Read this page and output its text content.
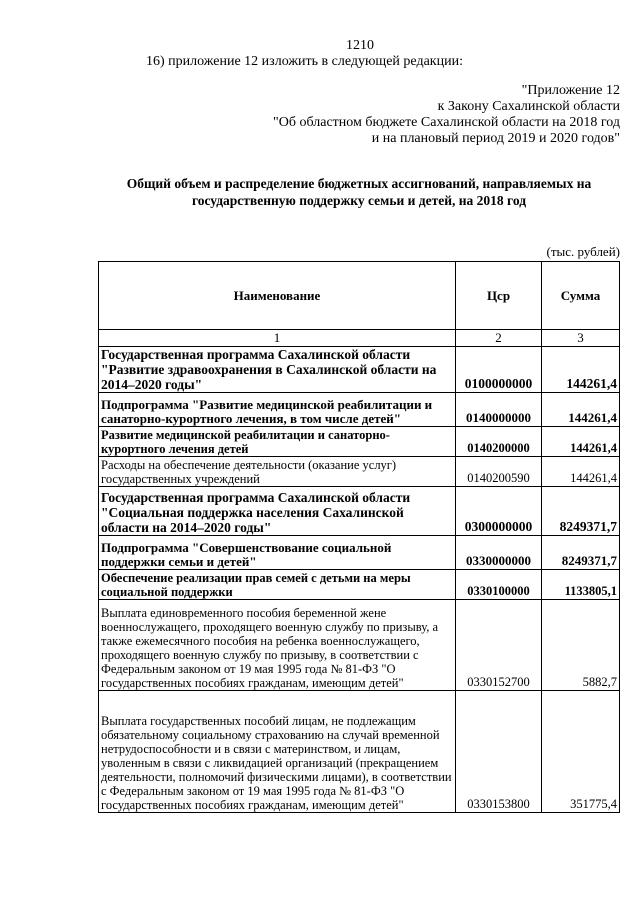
1210
16) приложение 12 изложить в следующей редакции:
"Приложение 12
к Закону Сахалинской области
"Об областном бюджете Сахалинской области на 2018 год
и на плановый период 2019 и 2020 годов"
Общий объем и распределение бюджетных ассигнований, направляемых на
государственную поддержку семьи и детей, на 2018 год
(тыс. рублей)
Наименование	Цср	Сумма
1	2	3
Государственная программа Сахалинской области "Развитие здравоохранения в Сахалинской области на 2014–2020 годы"	0100000000	144261,4
Подпрограмма "Развитие медицинской реабилитации и санаторно-курортного лечения, в том числе детей"	0140000000	144261,4
Развитие медицинской реабилитации и санаторно-курортного лечения детей	0140200000	144261,4
Расходы на обеспечение деятельности (оказание услуг) государственных учреждений	0140200590	144261,4
Государственная программа Сахалинской области "Социальная поддержка населения Сахалинской области на 2014–2020 годы"	0300000000	8249371,7
Подпрограмма "Совершенствование социальной поддержки семьи и детей"	0330000000	8249371,7
Обеспечение реализации прав семей с детьми на меры социальной поддержки	0330100000	1133805,1
Выплата единовременного пособия беременной жене военнослужащего, проходящего военную службу по призыву, а также ежемесячного пособия на ребенка военнослужащего, проходящего военную службу по призыву, в соответствии с Федеральным законом от 19 мая 1995 года № 81-ФЗ "О государственных пособиях гражданам, имеющим детей"	0330152700	5882,7
Выплата государственных пособий лицам, не подлежащим обязательному социальному страхованию на случай временной нетрудоспособности и в связи с материнством, и лицам, уволенным в связи с ликвидацией организаций (прекращением деятельности, полномочий физическими лицами), в соответствии с Федеральным законом от 19 мая 1995 года № 81-ФЗ "О государственных пособиях гражданам, имеющим детей"	0330153800	351775,4
